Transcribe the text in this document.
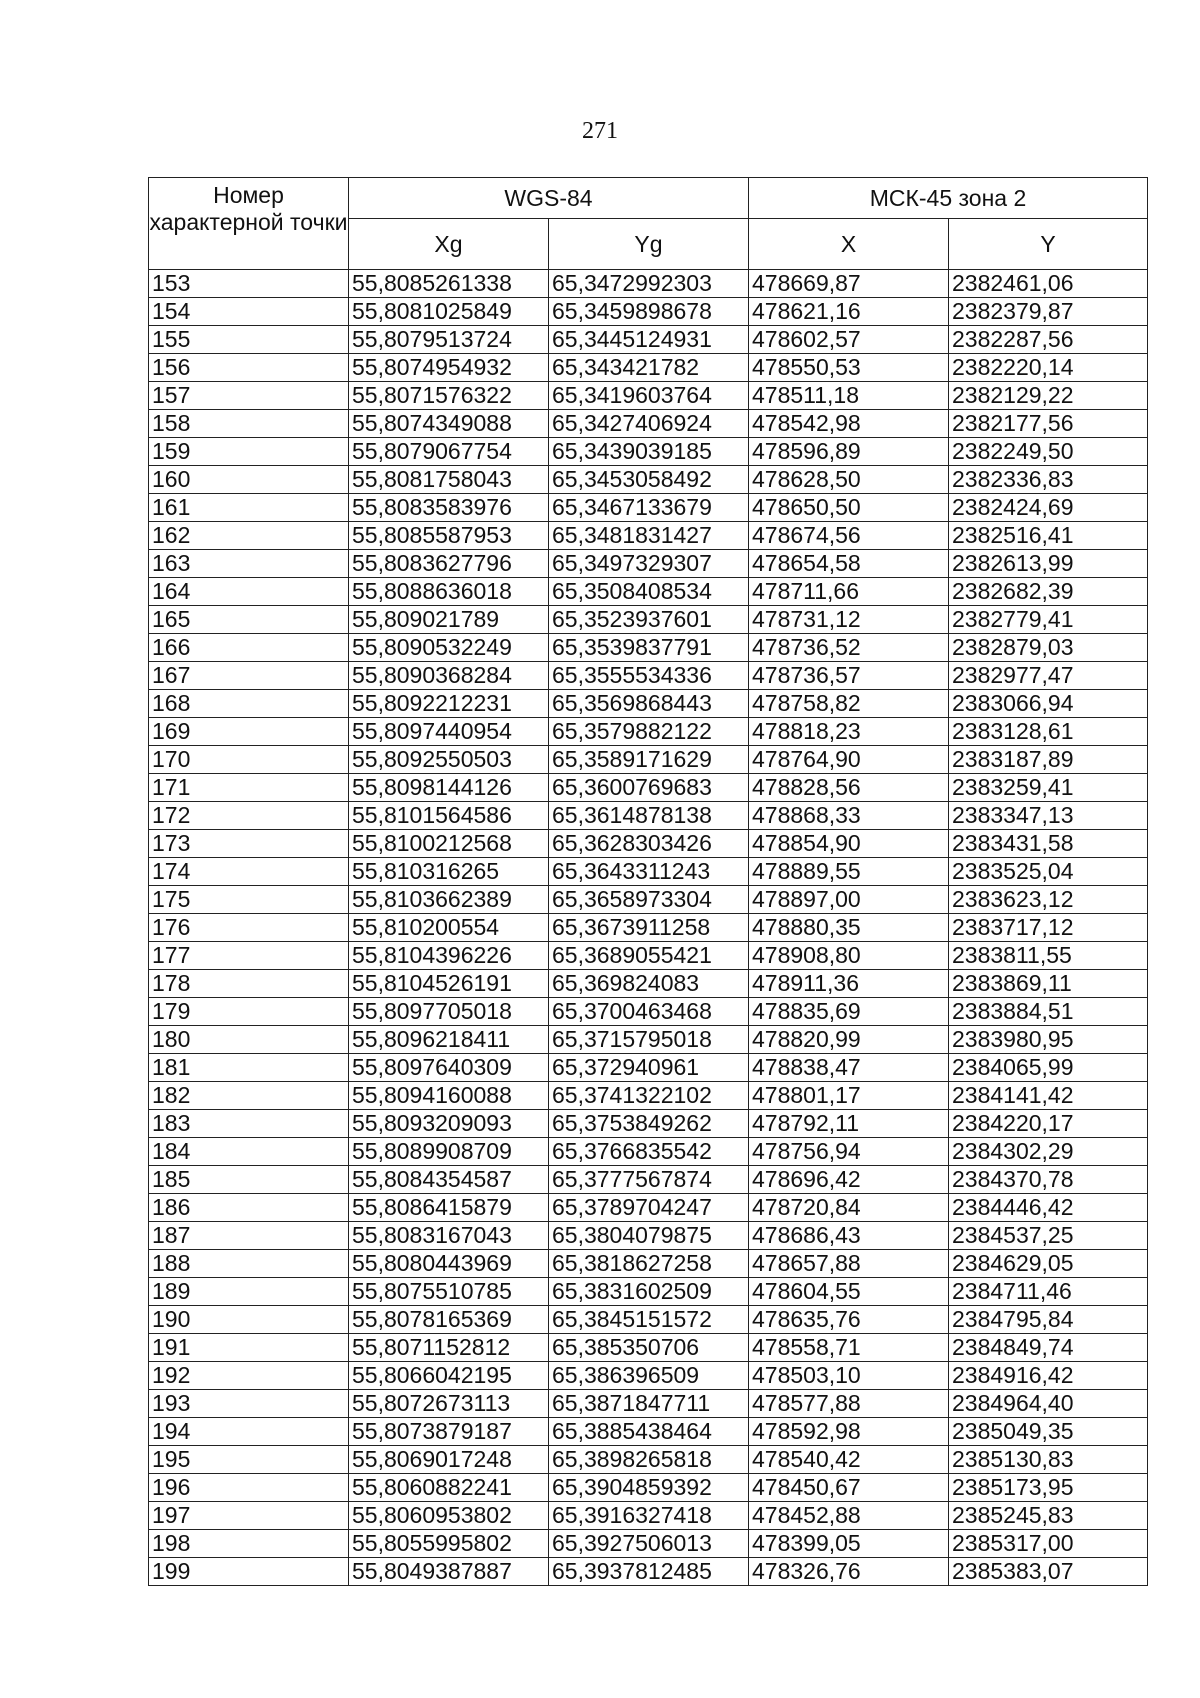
271
Номер характерной точки	WGS-84		МСК-45 зона 2	
	Xg	Yg	X	Y
153	55,8085261338	65,3472992303	478669,87	2382461,06
154	55,8081025849	65,3459898678	478621,16	2382379,87
155	55,8079513724	65,3445124931	478602,57	2382287,56
156	55,8074954932	65,343421782	478550,53	2382220,14
157	55,8071576322	65,3419603764	478511,18	2382129,22
158	55,8074349088	65,3427406924	478542,98	2382177,56
159	55,8079067754	65,3439039185	478596,89	2382249,50
160	55,8081758043	65,3453058492	478628,50	2382336,83
161	55,8083583976	65,3467133679	478650,50	2382424,69
162	55,8085587953	65,3481831427	478674,56	2382516,41
163	55,8083627796	65,3497329307	478654,58	2382613,99
164	55,8088636018	65,3508408534	478711,66	2382682,39
165	55,809021789	65,3523937601	478731,12	2382779,41
166	55,8090532249	65,3539837791	478736,52	2382879,03
167	55,8090368284	65,3555534336	478736,57	2382977,47
168	55,8092212231	65,3569868443	478758,82	2383066,94
169	55,8097440954	65,3579882122	478818,23	2383128,61
170	55,8092550503	65,3589171629	478764,90	2383187,89
171	55,8098144126	65,3600769683	478828,56	2383259,41
172	55,8101564586	65,3614878138	478868,33	2383347,13
173	55,8100212568	65,3628303426	478854,90	2383431,58
174	55,810316265	65,3643311243	478889,55	2383525,04
175	55,8103662389	65,3658973304	478897,00	2383623,12
176	55,810200554	65,3673911258	478880,35	2383717,12
177	55,8104396226	65,3689055421	478908,80	2383811,55
178	55,8104526191	65,369824083	478911,36	2383869,11
179	55,8097705018	65,3700463468	478835,69	2383884,51
180	55,8096218411	65,3715795018	478820,99	2383980,95
181	55,8097640309	65,372940961	478838,47	2384065,99
182	55,8094160088	65,3741322102	478801,17	2384141,42
183	55,8093209093	65,3753849262	478792,11	2384220,17
184	55,8089908709	65,3766835542	478756,94	2384302,29
185	55,8084354587	65,3777567874	478696,42	2384370,78
186	55,8086415879	65,3789704247	478720,84	2384446,42
187	55,8083167043	65,3804079875	478686,43	2384537,25
188	55,8080443969	65,3818627258	478657,88	2384629,05
189	55,8075510785	65,3831602509	478604,55	2384711,46
190	55,8078165369	65,3845151572	478635,76	2384795,84
191	55,8071152812	65,385350706	478558,71	2384849,74
192	55,8066042195	65,386396509	478503,10	2384916,42
193	55,8072673113	65,3871847711	478577,88	2384964,40
194	55,8073879187	65,3885438464	478592,98	2385049,35
195	55,8069017248	65,3898265818	478540,42	2385130,83
196	55,8060882241	65,3904859392	478450,67	2385173,95
197	55,8060953802	65,3916327418	478452,88	2385245,83
198	55,8055995802	65,3927506013	478399,05	2385317,00
199	55,8049387887	65,3937812485	478326,76	2385383,07
